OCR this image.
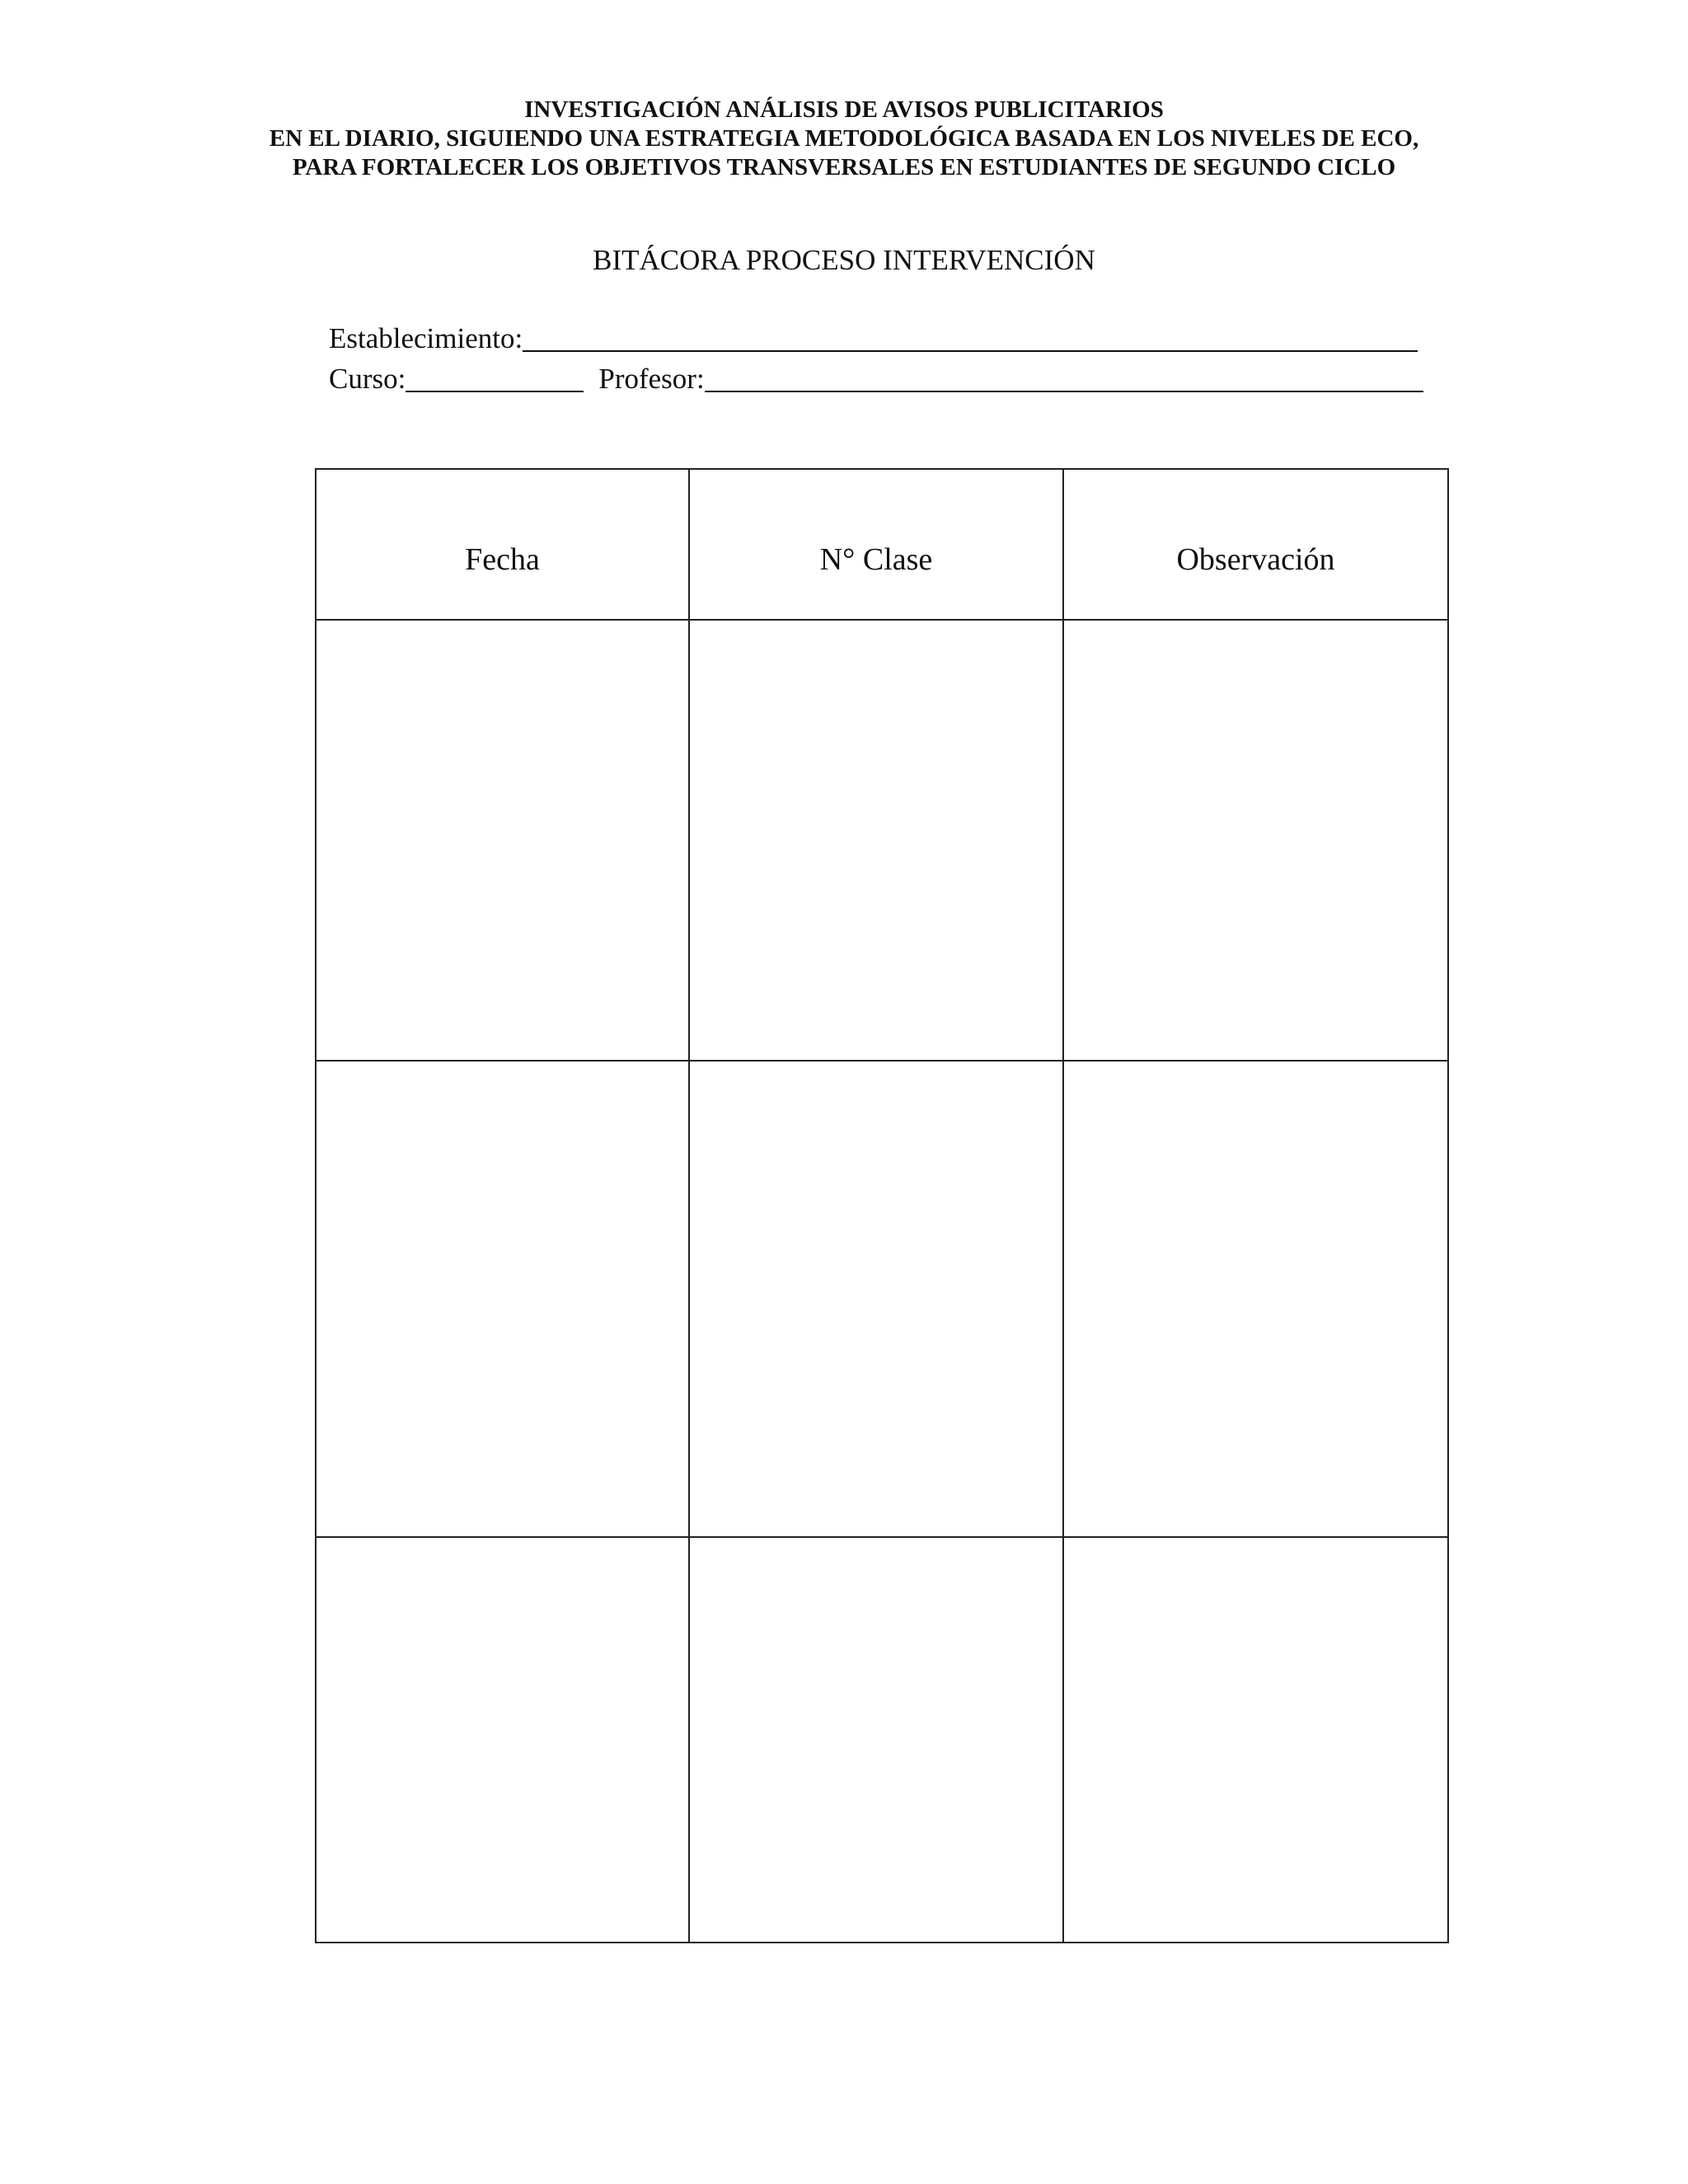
INVESTIGACIÓN ANÁLISIS DE AVISOS PUBLICITARIOS
EN EL DIARIO, SIGUIENDO UNA ESTRATEGIA METODOLÓGICA BASADA EN LOS NIVELES DE ECO,
PARA FORTALECER LOS OBJETIVOS TRANSVERSALES EN ESTUDIANTES DE SEGUNDO CICLO
BITÁCORA PROCESO INTERVENCIÓN
Establecimiento:
Curso:	Profesor:
Fecha	N° Clase	Observación
